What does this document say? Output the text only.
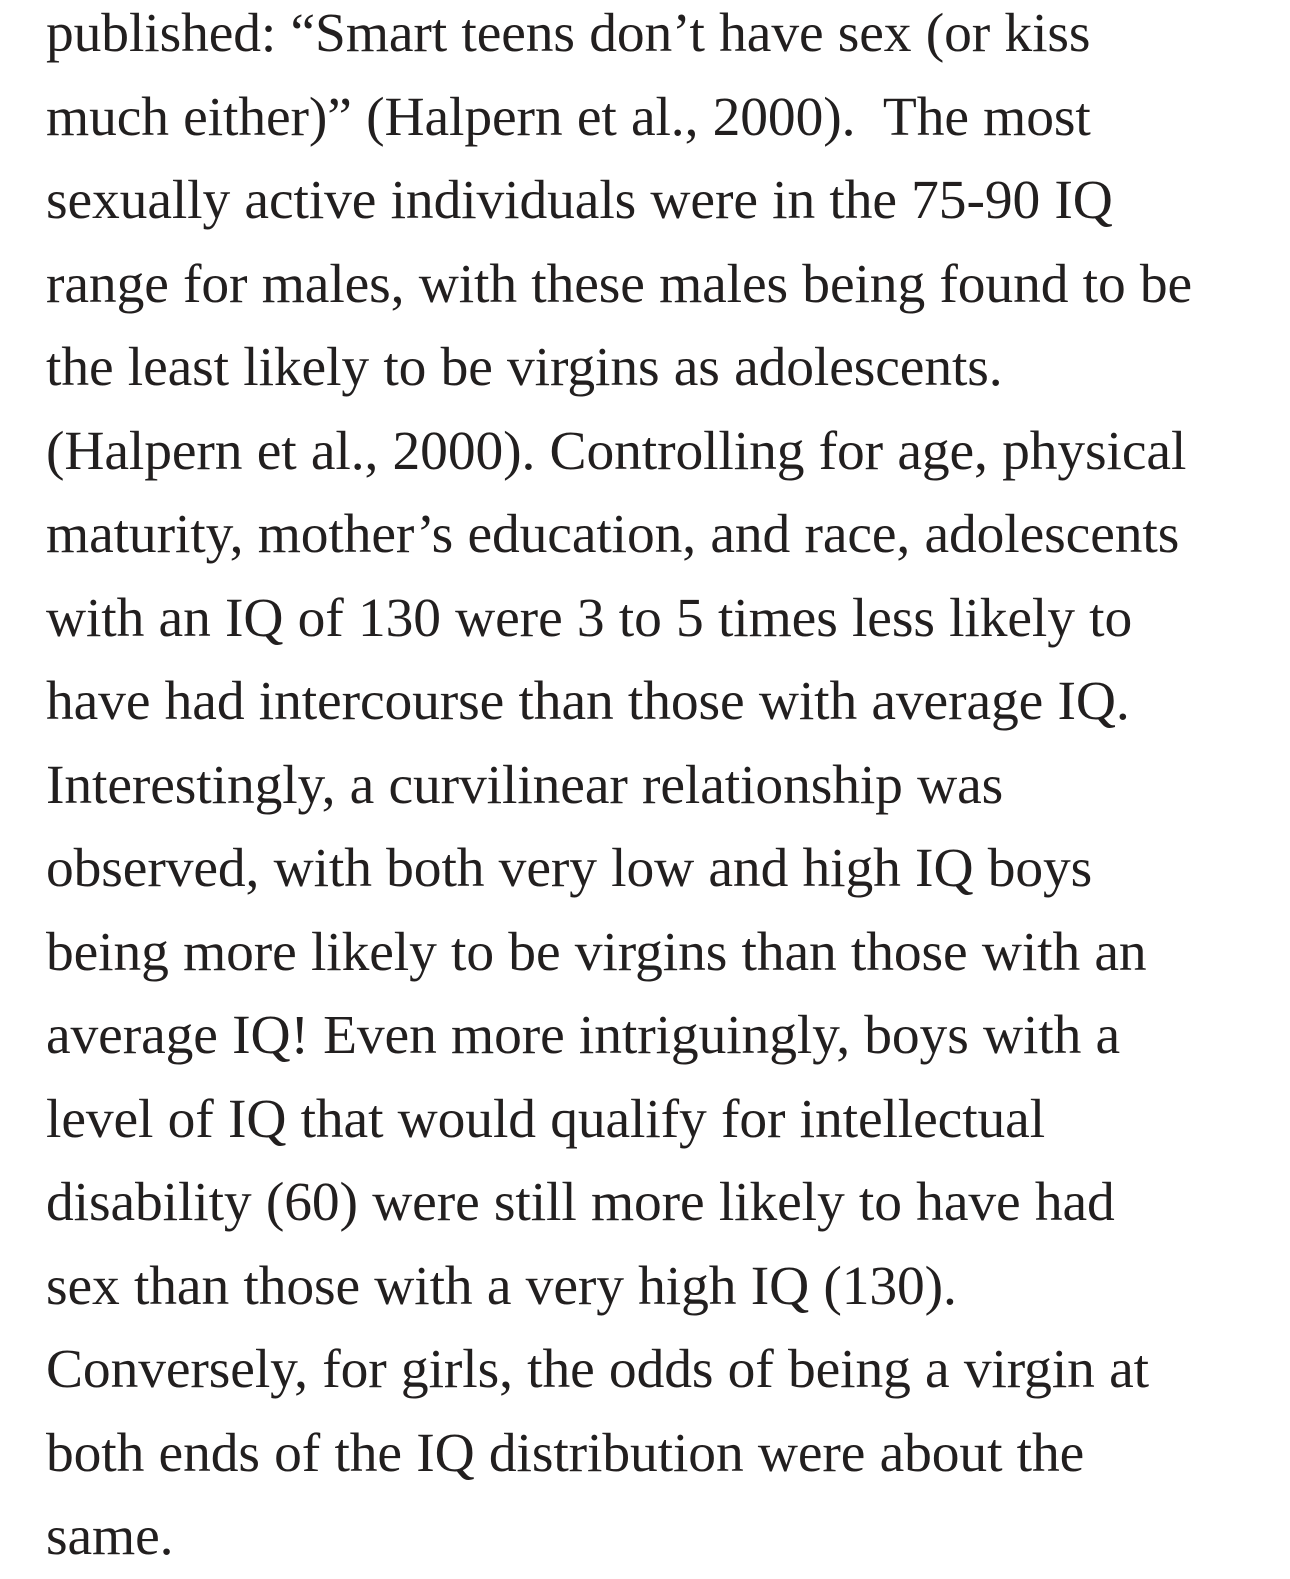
published: “Smart teens don’t have sex (or kiss much either)” (Halpern et al., 2000).  The most sexually active individuals were in the 75-90 IQ range for males, with these males being found to be the least likely to be virgins as adolescents. (Halpern et al., 2000). Controlling for age, physical maturity, mother’s education, and race, adolescents with an IQ of 130 were 3 to 5 times less likely to have had intercourse than those with average IQ. Interestingly, a curvilinear relationship was observed, with both very low and high IQ boys being more likely to be virgins than those with an average IQ! Even more intriguingly, boys with a level of IQ that would qualify for intellectual disability (60) were still more likely to have had sex than those with a very high IQ (130). Conversely, for girls, the odds of being a virgin at both ends of the IQ distribution were about the same.
